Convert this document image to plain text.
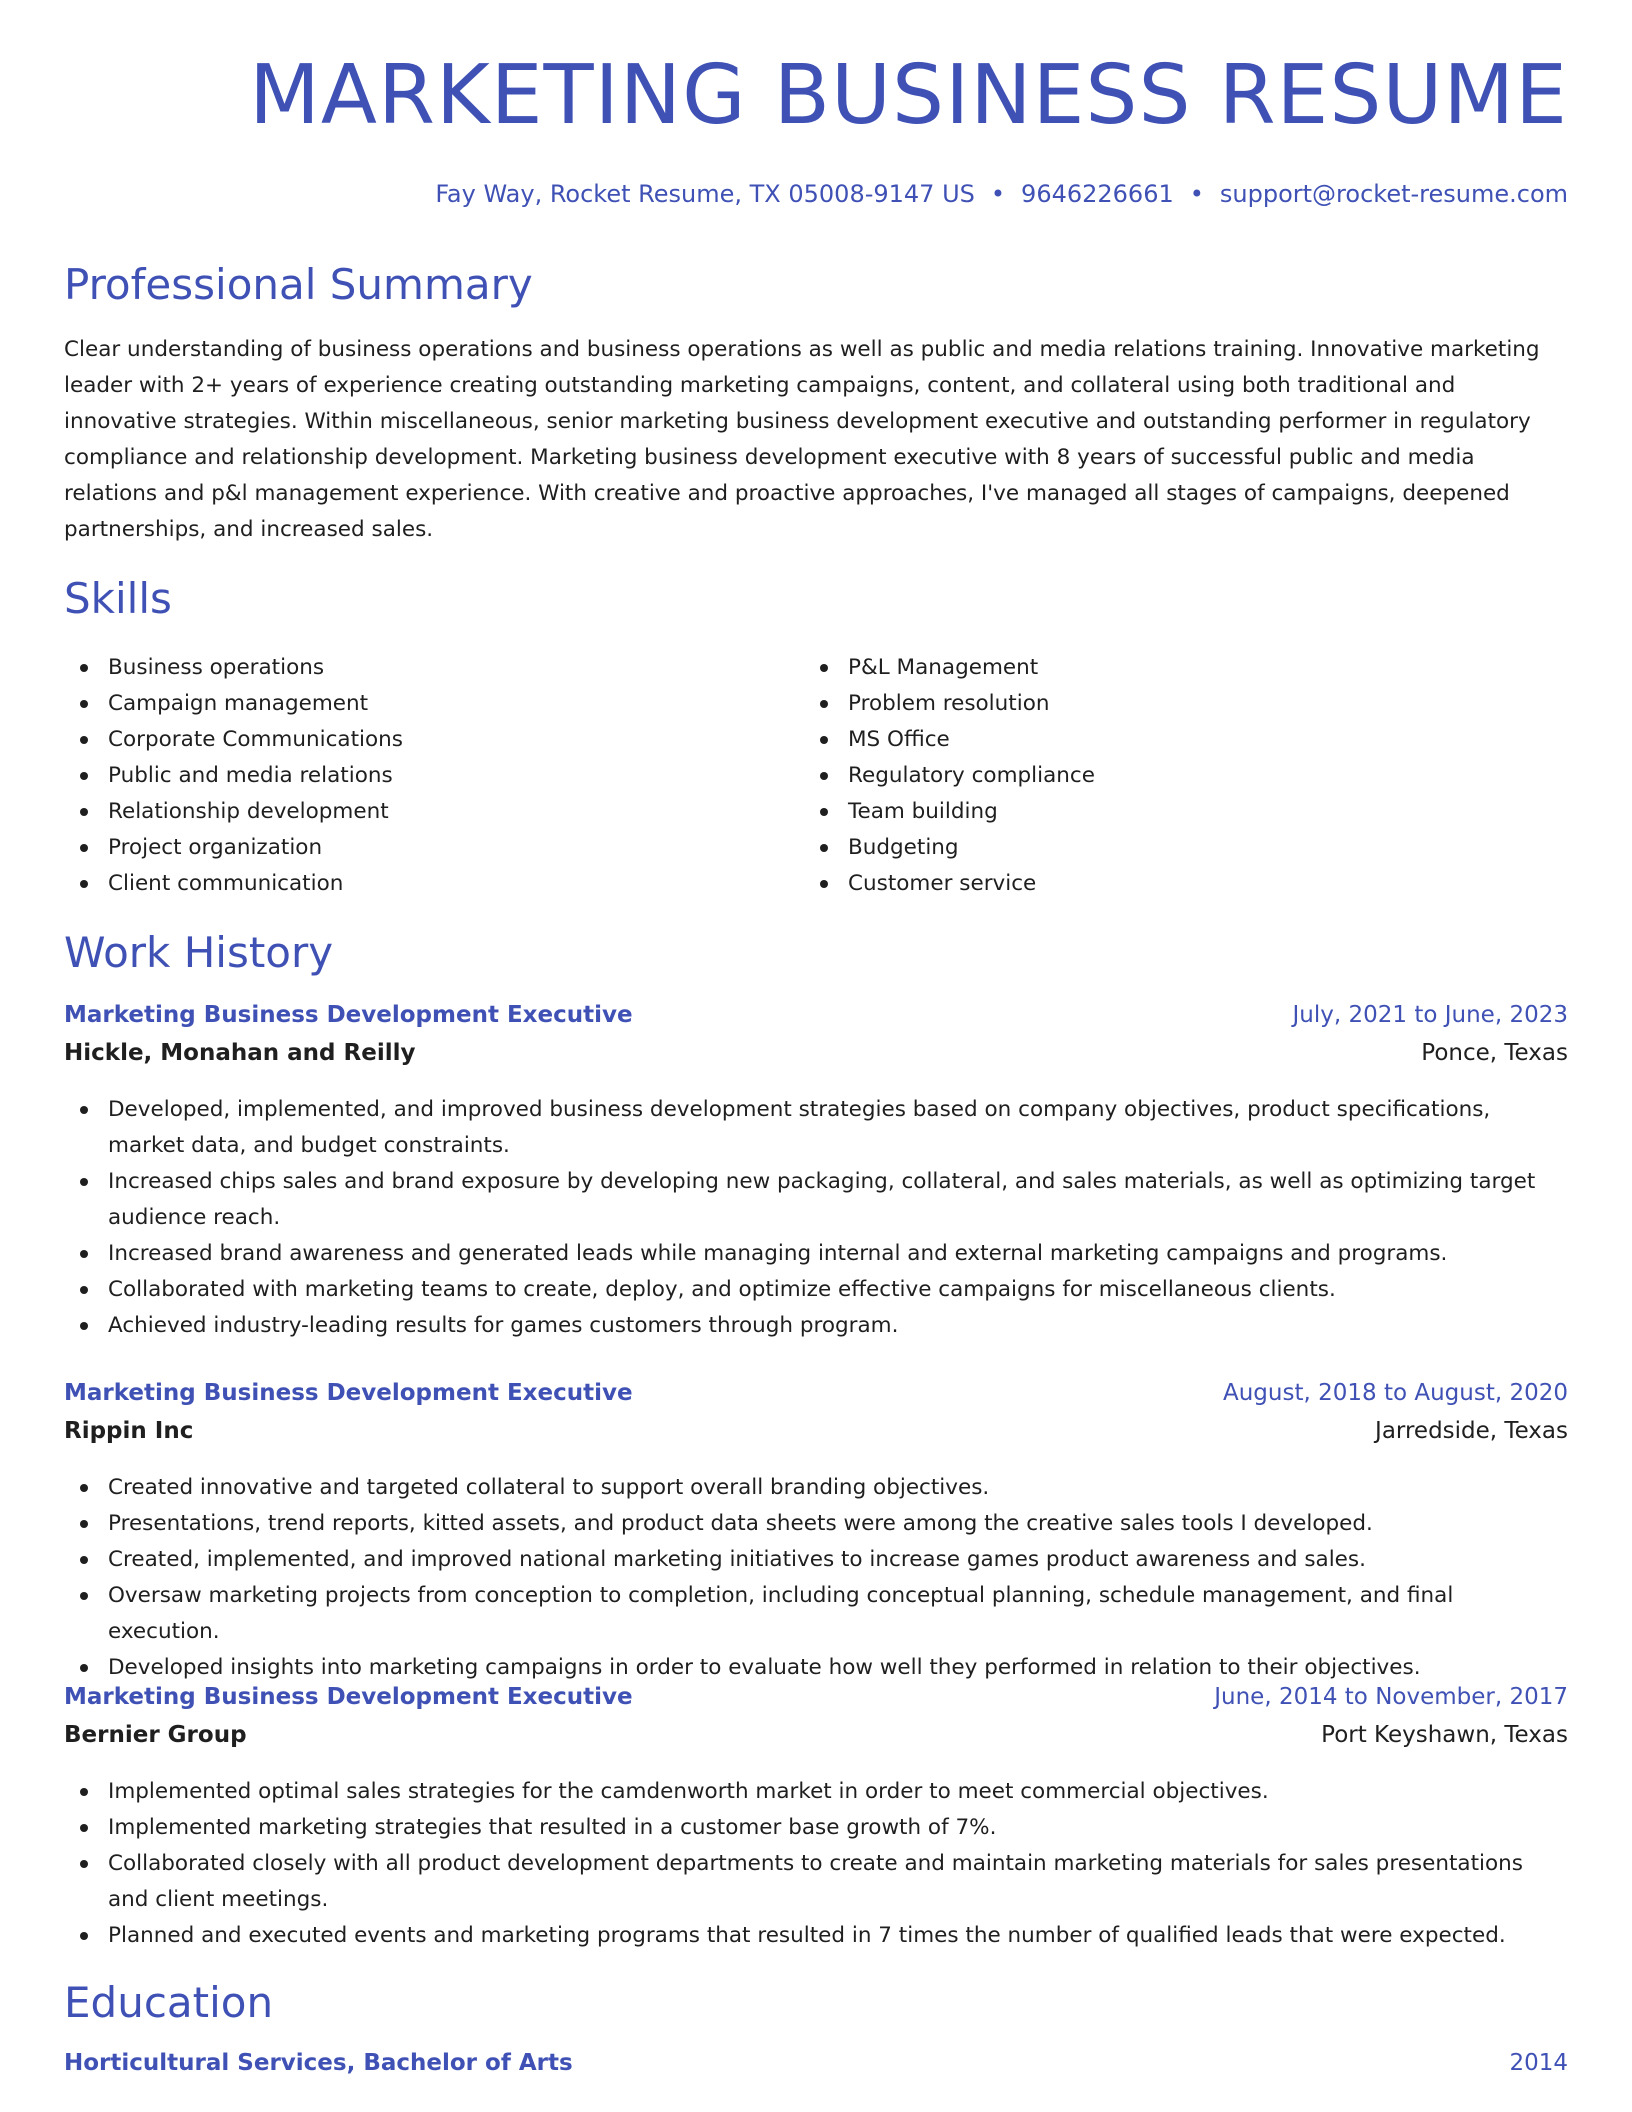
MARKETING BUSINESS RESUME
Fay Way, Rocket Resume, TX 05008-9147 US • 9646226661 • support@rocket-resume.com
Professional Summary

Clear understanding of business operations and business operations as well as public and media relations training. Innovative marketing leader with 2+ years of experience creating outstanding marketing campaigns, content, and collateral using both traditional and innovative strategies. Within miscellaneous, senior marketing business development executive and outstanding performer in regulatory compliance and relationship development. Marketing business development executive with 8 years of successful public and media relations and p&l management experience. With creative and proactive approaches, I've managed all stages of campaigns, deepened partnerships, and increased sales.

Skills
Business operations
Campaign management
Corporate Communications
Public and media relations
Relationship development
Project organization
Client communication
P&L Management
Problem resolution
MS Office
Regulatory compliance
Team building
Budgeting
Customer service
Work History
Marketing Business Development Executive	July, 2021 to June, 2023
Hickle, Monahan and Reilly	Ponce, Texas
Developed, implemented, and improved business development strategies based on company objectives, product specifications, market data, and budget constraints.
Increased chips sales and brand exposure by developing new packaging, collateral, and sales materials, as well as optimizing target audience reach.
Increased brand awareness and generated leads while managing internal and external marketing campaigns and programs.
Collaborated with marketing teams to create, deploy, and optimize effective campaigns for miscellaneous clients.
Achieved industry-leading results for games customers through program.
Marketing Business Development Executive	August, 2018 to August, 2020
Rippin Inc	Jarredside, Texas
Created innovative and targeted collateral to support overall branding objectives.
Presentations, trend reports, kitted assets, and product data sheets were among the creative sales tools I developed.
Created, implemented, and improved national marketing initiatives to increase games product awareness and sales.
Oversaw marketing projects from conception to completion, including conceptual planning, schedule management, and final execution.
Developed insights into marketing campaigns in order to evaluate how well they performed in relation to their objectives.
Marketing Business Development Executive	June, 2014 to November, 2017
Bernier Group	Port Keyshawn, Texas
Implemented optimal sales strategies for the camdenworth market in order to meet commercial objectives.
Implemented marketing strategies that resulted in a customer base growth of 7%.
Collaborated closely with all product development departments to create and maintain marketing materials for sales presentations and client meetings.
Planned and executed events and marketing programs that resulted in 7 times the number of qualified leads that were expected.
Education
Horticultural Services, Bachelor of Arts	2014
